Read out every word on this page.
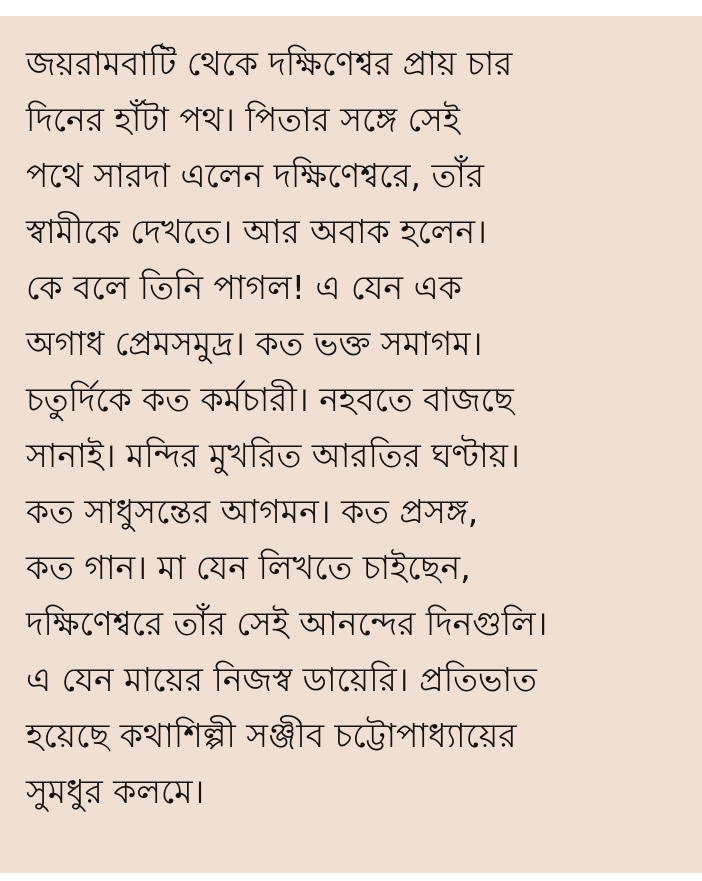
জয়রামবাটি থেকে দক্ষিণেশ্বর প্রায় চার
দিনের হাঁটা পথ। পিতার সঙ্গে সেই
পথে সারদা এলেন দক্ষিণেশ্বরে, তাঁর
স্বামীকে দেখতে। আর অবাক হলেন।
কে বলে তিনি পাগল! এ যেন এক
অগাধ প্রেমসমুদ্র। কত ভক্ত সমাগম।
চতুর্দিকে কত কর্মচারী। নহবতে বাজছে
সানাই। মন্দির মুখরিত আরতির ঘণ্টায়।
কত সাধুসন্তের আগমন। কত প্রসঙ্গ,
কত গান। মা যেন লিখতে চাইছেন,
দক্ষিণেশ্বরে তাঁর সেই আনন্দের দিনগুলি।
এ যেন মায়ের নিজস্ব ডায়েরি। প্রতিভাত
হয়েছে কথাশিল্পী সঞ্জীব চট্টোপাধ্যায়ের
সুমধুর কলমে।
